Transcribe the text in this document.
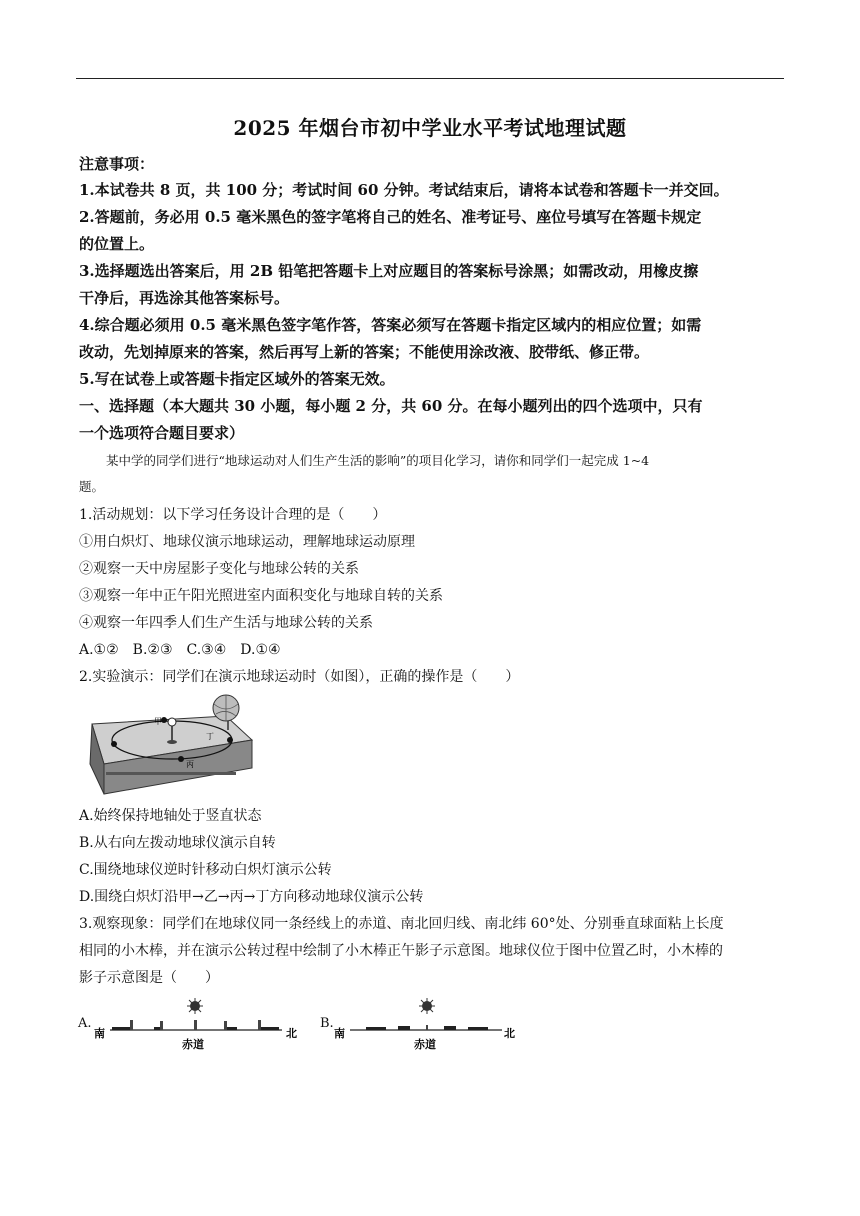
2025 年烟台市初中学业水平考试地理试题
注意事项：
1.本试卷共 8 页，共 100 分；考试时间 60 分钟。考试结束后，请将本试卷和答题卡一并交回。
2.答题前，务必用 0.5 毫米黑色的签字笔将自己的姓名、准考证号、座位号填写在答题卡规定
的位置上。
3.选择题选出答案后，用 2B 铅笔把答题卡上对应题目的答案标号涂黑；如需改动，用橡皮擦
干净后，再选涂其他答案标号。
4.综合题必须用 0.5 毫米黑色签字笔作答，答案必须写在答题卡指定区域内的相应位置；如需
改动，先划掉原来的答案，然后再写上新的答案；不能使用涂改液、胶带纸、修正带。
5.写在试卷上或答题卡指定区域外的答案无效。
一、选择题（本大题共 30 小题，每小题 2 分，共 60 分。在每小题列出的四个选项中，只有
一个选项符合题目要求）
某中学的同学们进行“地球运动对人们生产生活的影响”的项目化学习，请你和同学们一起完成 1~4
题。
1.活动规划：以下学习任务设计合理的是（　　）
①用白炽灯、地球仪演示地球运动，理解地球运动原理
②观察一天中房屋影子变化与地球公转的关系
③观察一年中正午阳光照进室内面积变化与地球自转的关系
④观察一年四季人们生产生活与地球公转的关系
A.①②　B.②③　C.③④　D.①④
2.实验演示：同学们在演示地球运动时（如图），正确的操作是（　　）
甲
丙
丁
A.始终保持地轴处于竖直状态
B.从右向左拨动地球仪演示自转
C.围绕地球仪逆时针移动白炽灯演示公转
D.围绕白炽灯沿甲→乙→丙→丁方向移动地球仪演示公转
3.观察现象：同学们在地球仪同一条经线上的赤道、南北回归线、南北纬 60°处、分别垂直球面粘上长度
相同的小木棒，并在演示公转过程中绘制了小木棒正午影子示意图。地球仪位于图中位置乙时，小木棒的
影子示意图是（　　）
A.
南	北
赤道
B.
南	北
赤道
